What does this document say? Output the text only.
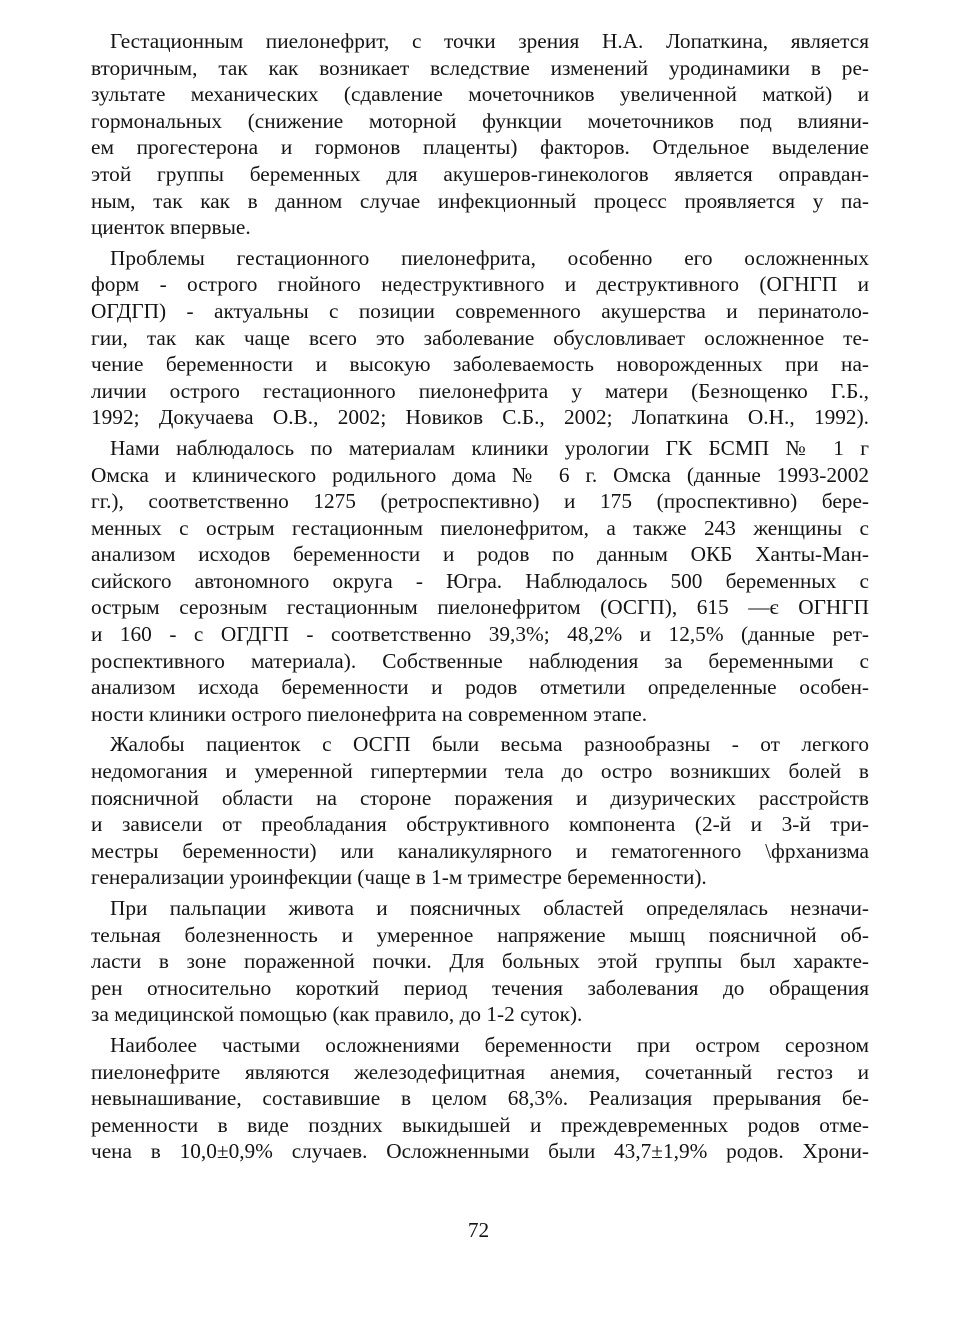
Гестационным пиелонефрит, с точки зрения Н.А. Лопаткина, является
вторичным, так как возникает вследствие изменений уродинамики в ре-
зультате механических (сдавление мочеточников увеличенной маткой) и
гормональных (снижение моторной функции мочеточников под влияни-
ем прогестерона и гормонов плаценты) факторов. Отдельное выделение
этой группы беременных для акушеров-гинекологов является оправдан-
ным, так как в данном случае инфекционный процесс проявляется у па-
циенток впервые.
Проблемы гестационного пиелонефрита, особенно его осложненных
форм - острого гнойного недеструктивного и деструктивного (ОГНГП и
ОГДГП) - актуальны с позиции современного акушерства и перинатоло-
гии, так как чаще всего это заболевание обусловливает осложненное те-
чение беременности и высокую заболеваемость новорожденных при на-
личии острого гестационного пиелонефрита у матери (Безнощенко Г.Б.,
1992; Докучаева О.В., 2002; Новиков С.Б., 2002; Лопаткина О.Н., 1992).
Нами наблюдалось по материалам клиники урологии ГК БСМП № 1 г
Омска и клинического родильного дома № 6 г. Омска (данные 1993-2002
гг.), соответственно 1275 (ретроспективно) и 175 (проспективно) бере-
менных с острым гестационным пиелонефритом, а также 243 женщины с
анализом исходов беременности и родов по данным ОКБ Ханты-Ман-
сийского автономного округа - Югра. Наблюдалось 500 беременных с
острым серозным гестационным пиелонефритом (ОСГП), 615 —є ОГНГП
и 160 - с ОГДГП - соответственно 39,3%; 48,2% и 12,5% (данные рет-
роспективного материала). Собственные наблюдения за беременными с
анализом исхода беременности и родов отметили определенные особен-
ности клиники острого пиелонефрита на современном этапе.
Жалобы пациенток с ОСГП были весьма разнообразны - от легкого
недомогания и умеренной гипертермии тела до остро возникших болей в
поясничной области на стороне поражения и дизурических расстройств
и зависели от преобладания обструктивного компонента (2-й и 3-й три-
местры беременности) или каналикулярного и гематогенного \фрханизма
генерализации уроинфекции (чаще в 1-м триместре беременности).
При пальпации живота и поясничных областей определялась незначи-
тельная болезненность и умеренное напряжение мышц поясничной об-
ласти в зоне пораженной почки. Для больных этой группы был характе-
рен относительно короткий период течения заболевания до обращения
за медицинской помощью (как правило, до 1-2 суток).
Наиболее частыми осложнениями беременности при остром серозном
пиелонефрите являются железодефицитная анемия, сочетанный гестоз и
невынашивание, составившие в целом 68,3%. Реализация прерывания бе-
ременности в виде поздних выкидышей и преждевременных родов отме-
чена в 10,0±0,9% случаев. Осложненными были 43,7±1,9% родов. Хрони-
72
